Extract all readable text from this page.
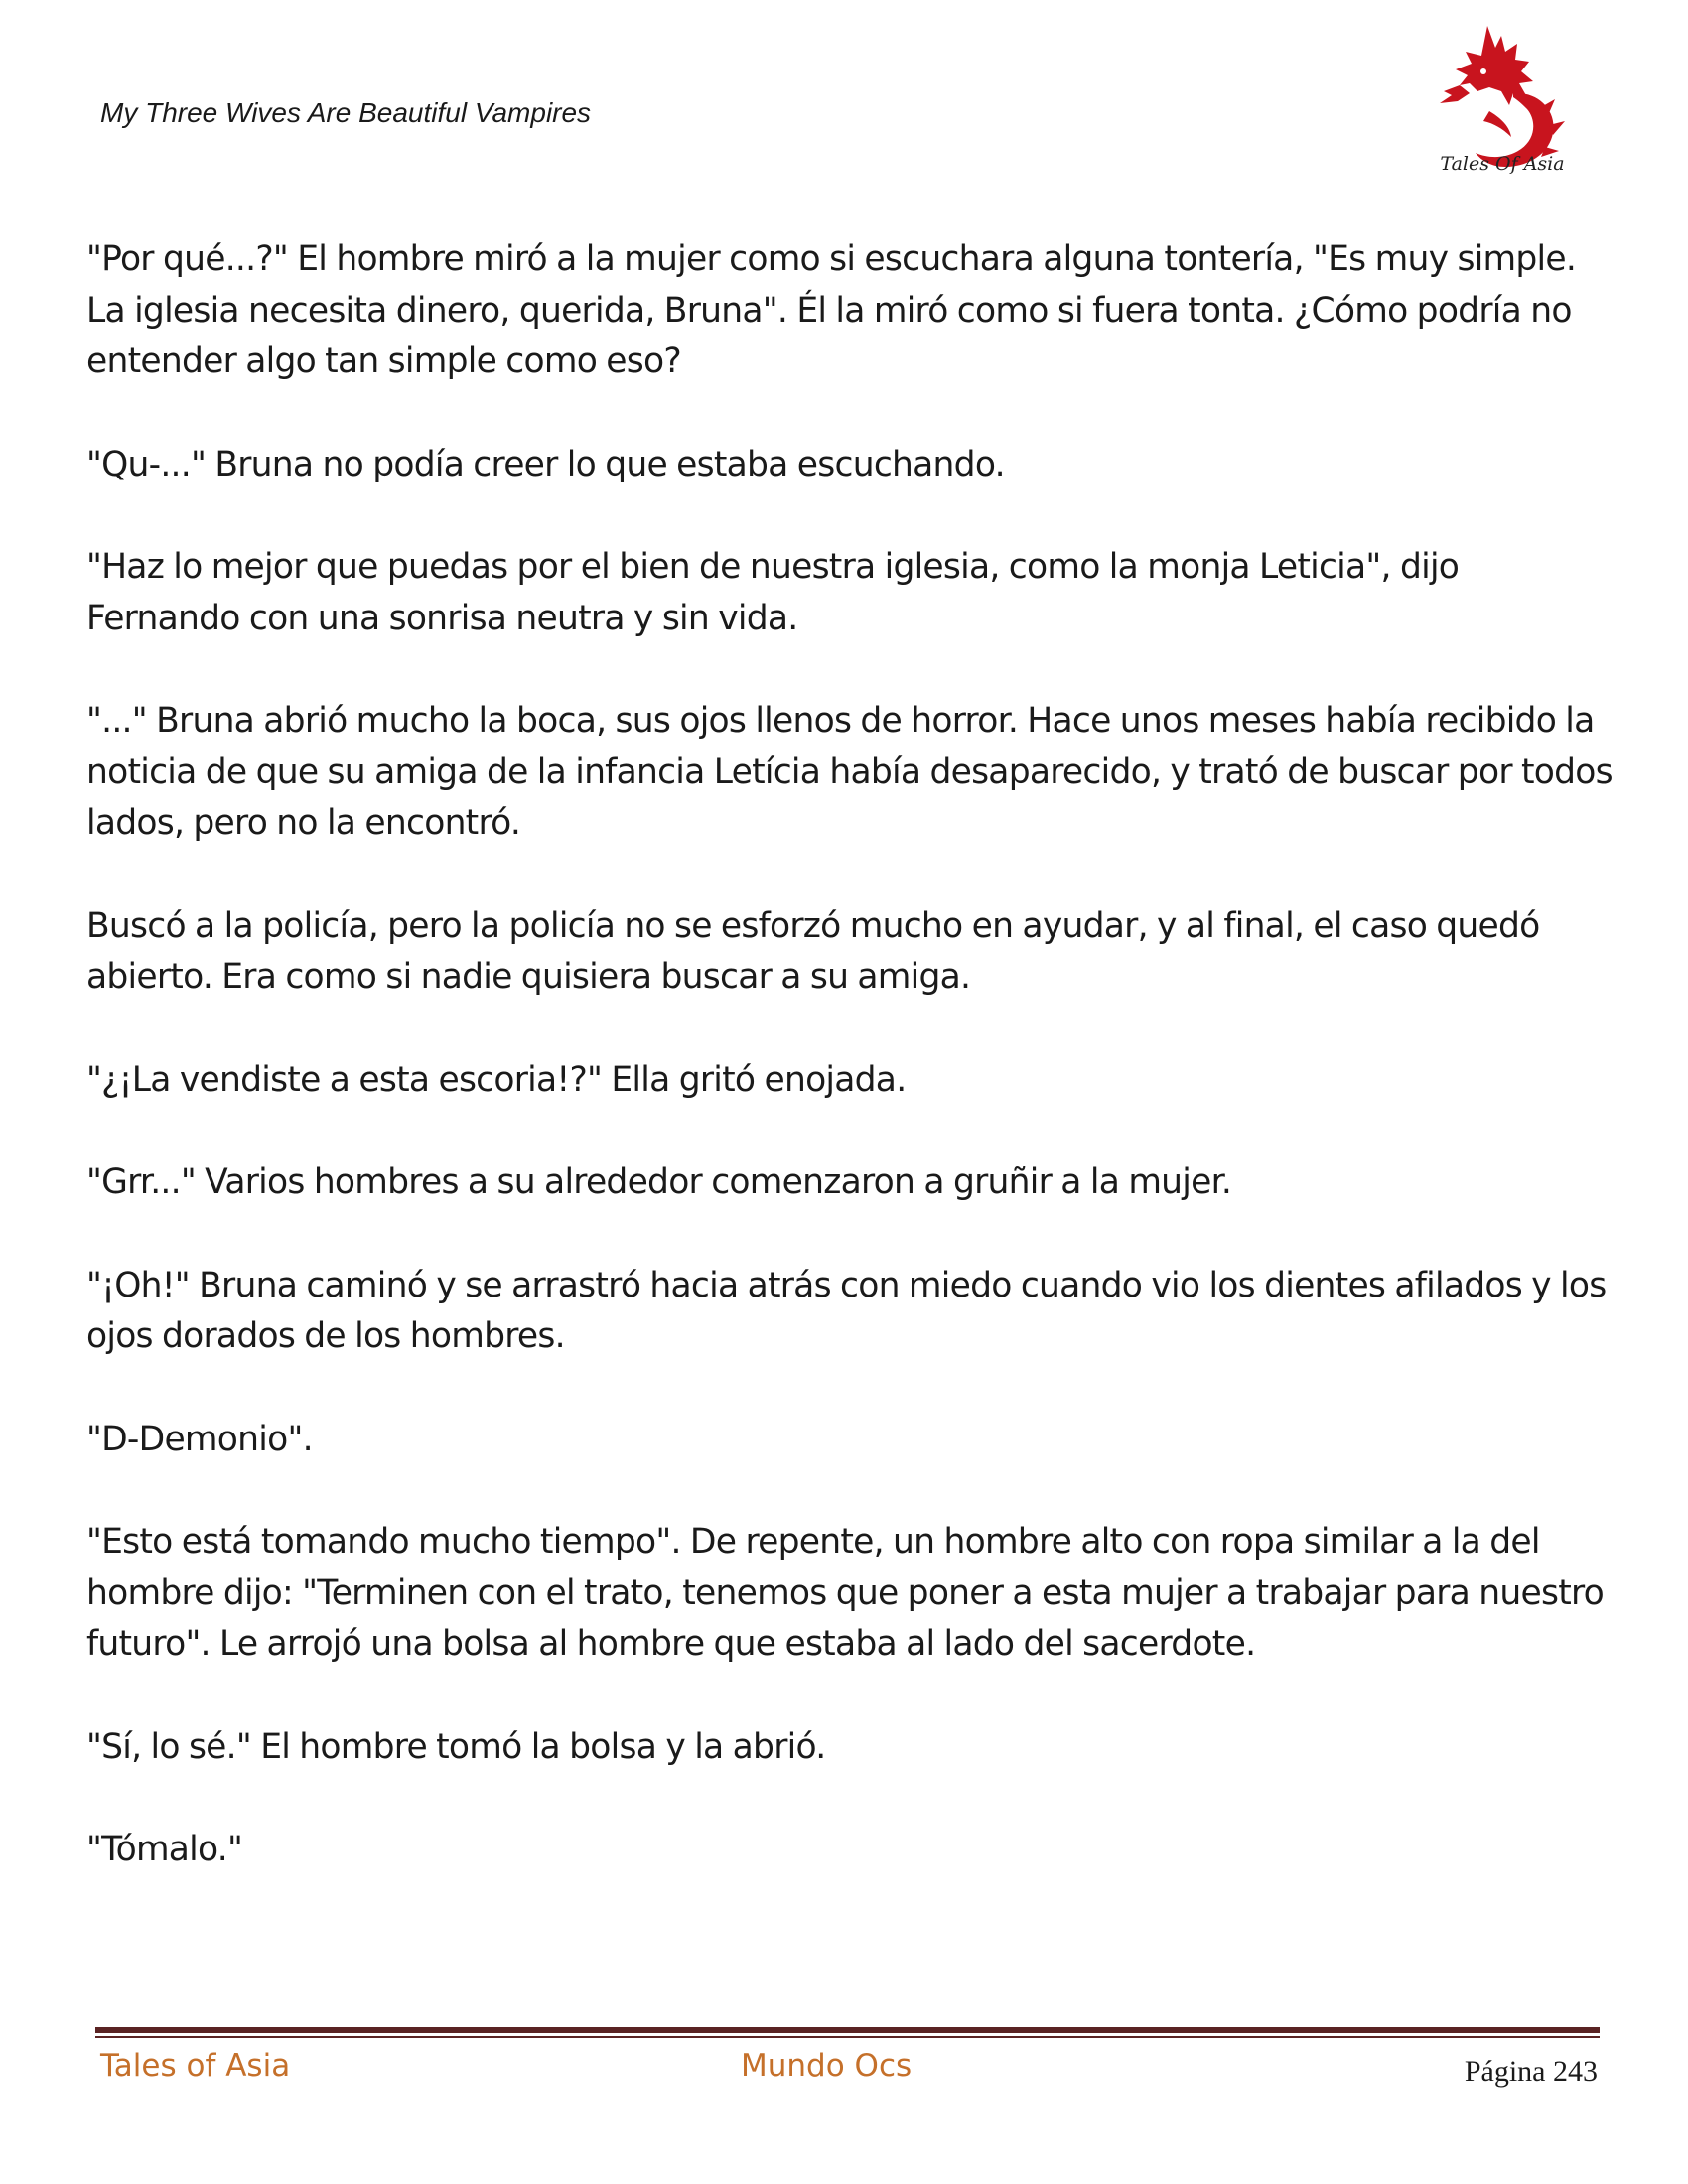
My Three Wives Are Beautiful Vampires
Tales Of Asia

"Por qué...?" El hombre miró a la mujer como si escuchara alguna tontería, "Es muy simple. La iglesia necesita dinero, querida, Bruna". Él la miró como si fuera tonta. ¿Cómo podría no entender algo tan simple como eso?

"Qu-..." Bruna no podía creer lo que estaba escuchando.

"Haz lo mejor que puedas por el bien de nuestra iglesia, como la monja Leticia", dijo Fernando con una sonrisa neutra y sin vida.

"..." Bruna abrió mucho la boca, sus ojos llenos de horror. Hace unos meses había recibido la noticia de que su amiga de la infancia Letícia había desaparecido, y trató de buscar por todos lados, pero no la encontró.

Buscó a la policía, pero la policía no se esforzó mucho en ayudar, y al final, el caso quedó abierto. Era como si nadie quisiera buscar a su amiga.

"¿¡La vendiste a esta escoria!?" Ella gritó enojada.

"Grr..." Varios hombres a su alrededor comenzaron a gruñir a la mujer.

"¡Oh!" Bruna caminó y se arrastró hacia atrás con miedo cuando vio los dientes afilados y los ojos dorados de los hombres.

"D-Demonio".

"Esto está tomando mucho tiempo". De repente, un hombre alto con ropa similar a la del hombre dijo: "Terminen con el trato, tenemos que poner a esta mujer a trabajar para nuestro futuro". Le arrojó una bolsa al hombre que estaba al lado del sacerdote.

"Sí, lo sé." El hombre tomó la bolsa y la abrió.

"Tómalo."

Tales of Asia	Mundo Ocs	Página 243
